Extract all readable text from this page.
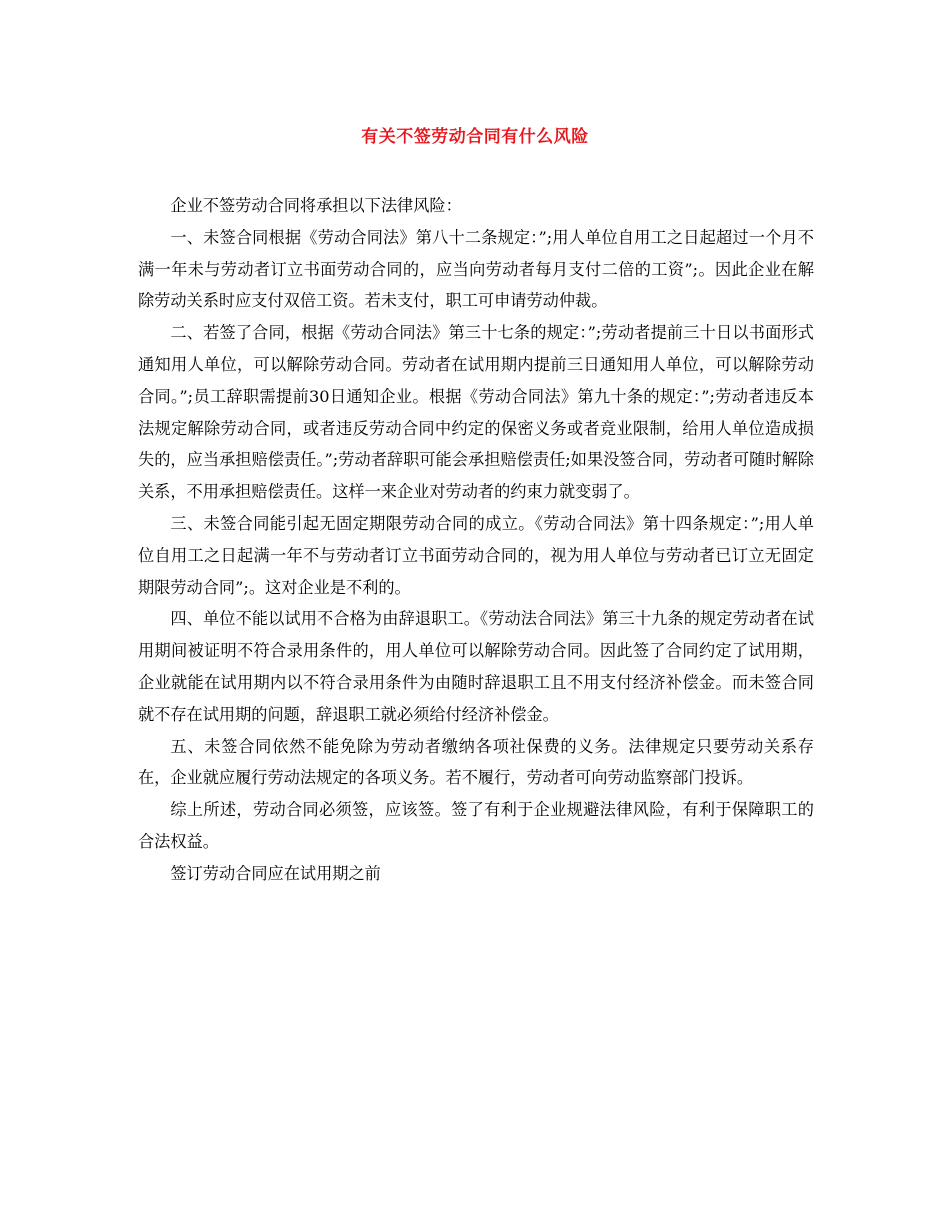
有关不签劳动合同有什么风险

企业不签劳动合同将承担以下法律风险：

一、未签合同根据《劳动合同法》第八十二条规定：”;用人单位自用工之日起超过一个月不满一年未与劳动者订立书面劳动合同的，应当向劳动者每月支付二倍的工资”;。因此企业在解除劳动关系时应支付双倍工资。若未支付，职工可申请劳动仲裁。

二、若签了合同，根据《劳动合同法》第三十七条的规定：”;劳动者提前三十日以书面形式通知用人单位，可以解除劳动合同。劳动者在试用期内提前三日通知用人单位，可以解除劳动合同。”;员工辞职需提前30日通知企业。根据《劳动合同法》第九十条的规定：”;劳动者违反本法规定解除劳动合同，或者违反劳动合同中约定的保密义务或者竞业限制，给用人单位造成损失的，应当承担赔偿责任。”;劳动者辞职可能会承担赔偿责任;如果没签合同，劳动者可随时解除关系，不用承担赔偿责任。这样一来企业对劳动者的约束力就变弱了。

三、未签合同能引起无固定期限劳动合同的成立。《劳动合同法》第十四条规定：”;用人单位自用工之日起满一年不与劳动者订立书面劳动合同的，视为用人单位与劳动者已订立无固定期限劳动合同”;。这对企业是不利的。

四、单位不能以试用不合格为由辞退职工。《劳动法合同法》第三十九条的规定劳动者在试用期间被证明不符合录用条件的，用人单位可以解除劳动合同。因此签了合同约定了试用期，企业就能在试用期内以不符合录用条件为由随时辞退职工且不用支付经济补偿金。而未签合同就不存在试用期的问题，辞退职工就必须给付经济补偿金。

五、未签合同依然不能免除为劳动者缴纳各项社保费的义务。法律规定只要劳动关系存在，企业就应履行劳动法规定的各项义务。若不履行，劳动者可向劳动监察部门投诉。

综上所述，劳动合同必须签，应该签。签了有利于企业规避法律风险，有利于保障职工的合法权益。

签订劳动合同应在试用期之前
